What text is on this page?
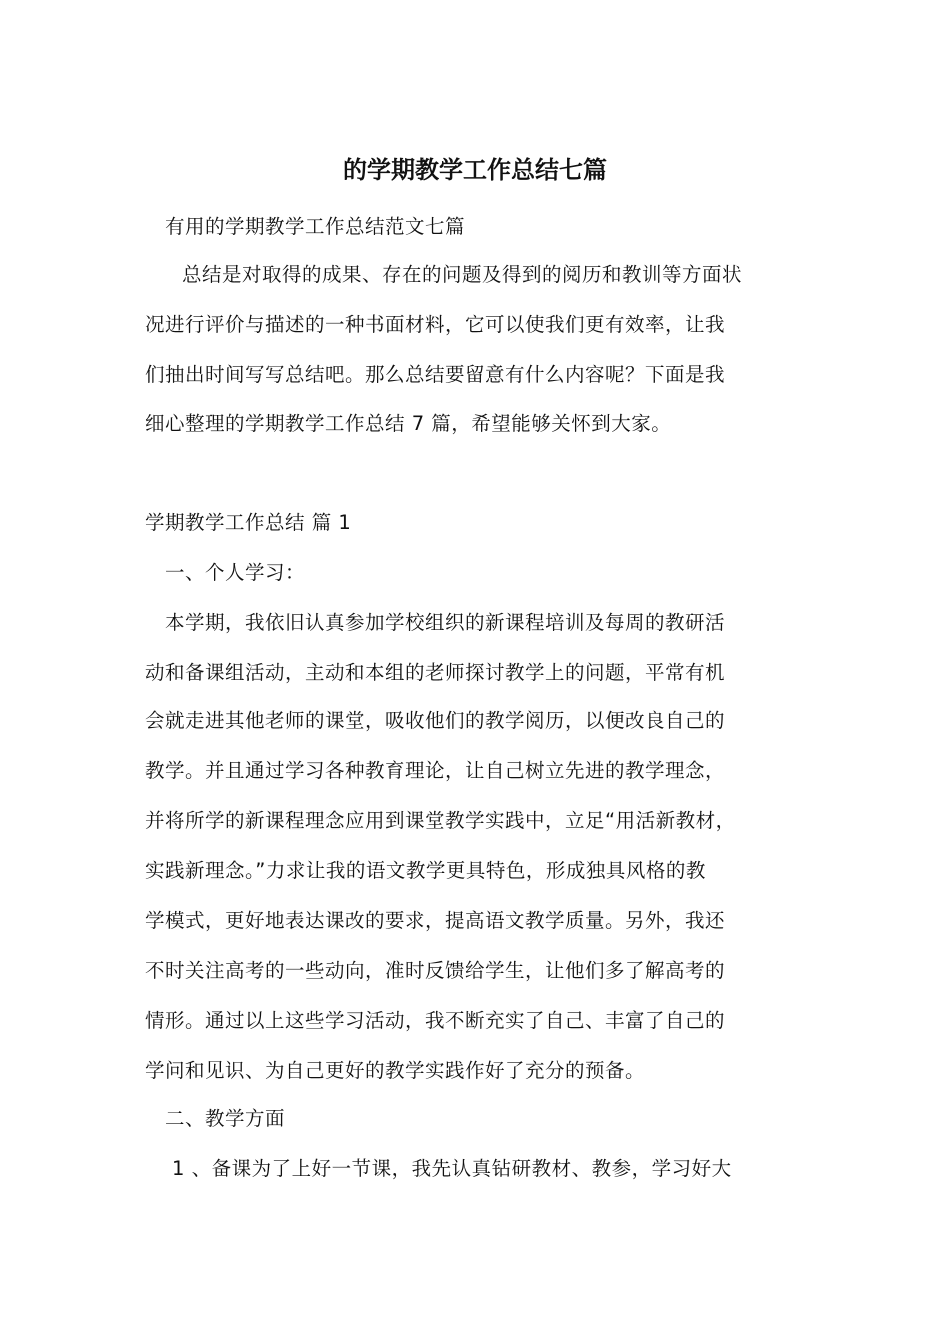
的学期教学工作总结七篇
有用的学期教学工作总结范文七篇
总结是对取得的成果、存在的问题及得到的阅历和教训等方面状
况进行评价与描述的一种书面材料，它可以使我们更有效率，让我
们抽出时间写写总结吧。那么总结要留意有什么内容呢？下面是我
细心整理的学期教学工作总结 7 篇，希望能够关怀到大家。
学期教学工作总结 篇 1
一、个人学习：
本学期，我依旧认真参加学校组织的新课程培训及每周的教研活
动和备课组活动，主动和本组的老师探讨教学上的问题，平常有机
会就走进其他老师的课堂，吸收他们的教学阅历，以便改良自己的
教学。并且通过学习各种教育理论，让自己树立先进的教学理念，
并将所学的新课程理念应用到课堂教学实践中，立足“用活新教材，
实践新理念。”力求让我的语文教学更具特色，形成独具风格的教
学模式，更好地表达课改的要求，提高语文教学质量。另外，我还
不时关注高考的一些动向，准时反馈给学生，让他们多了解高考的
情形。通过以上这些学习活动，我不断充实了自己、丰富了自己的
学问和见识、为自己更好的教学实践作好了充分的预备。
二、教学方面
1 、备课为了上好一节课，我先认真钻研教材、教参，学习好大
